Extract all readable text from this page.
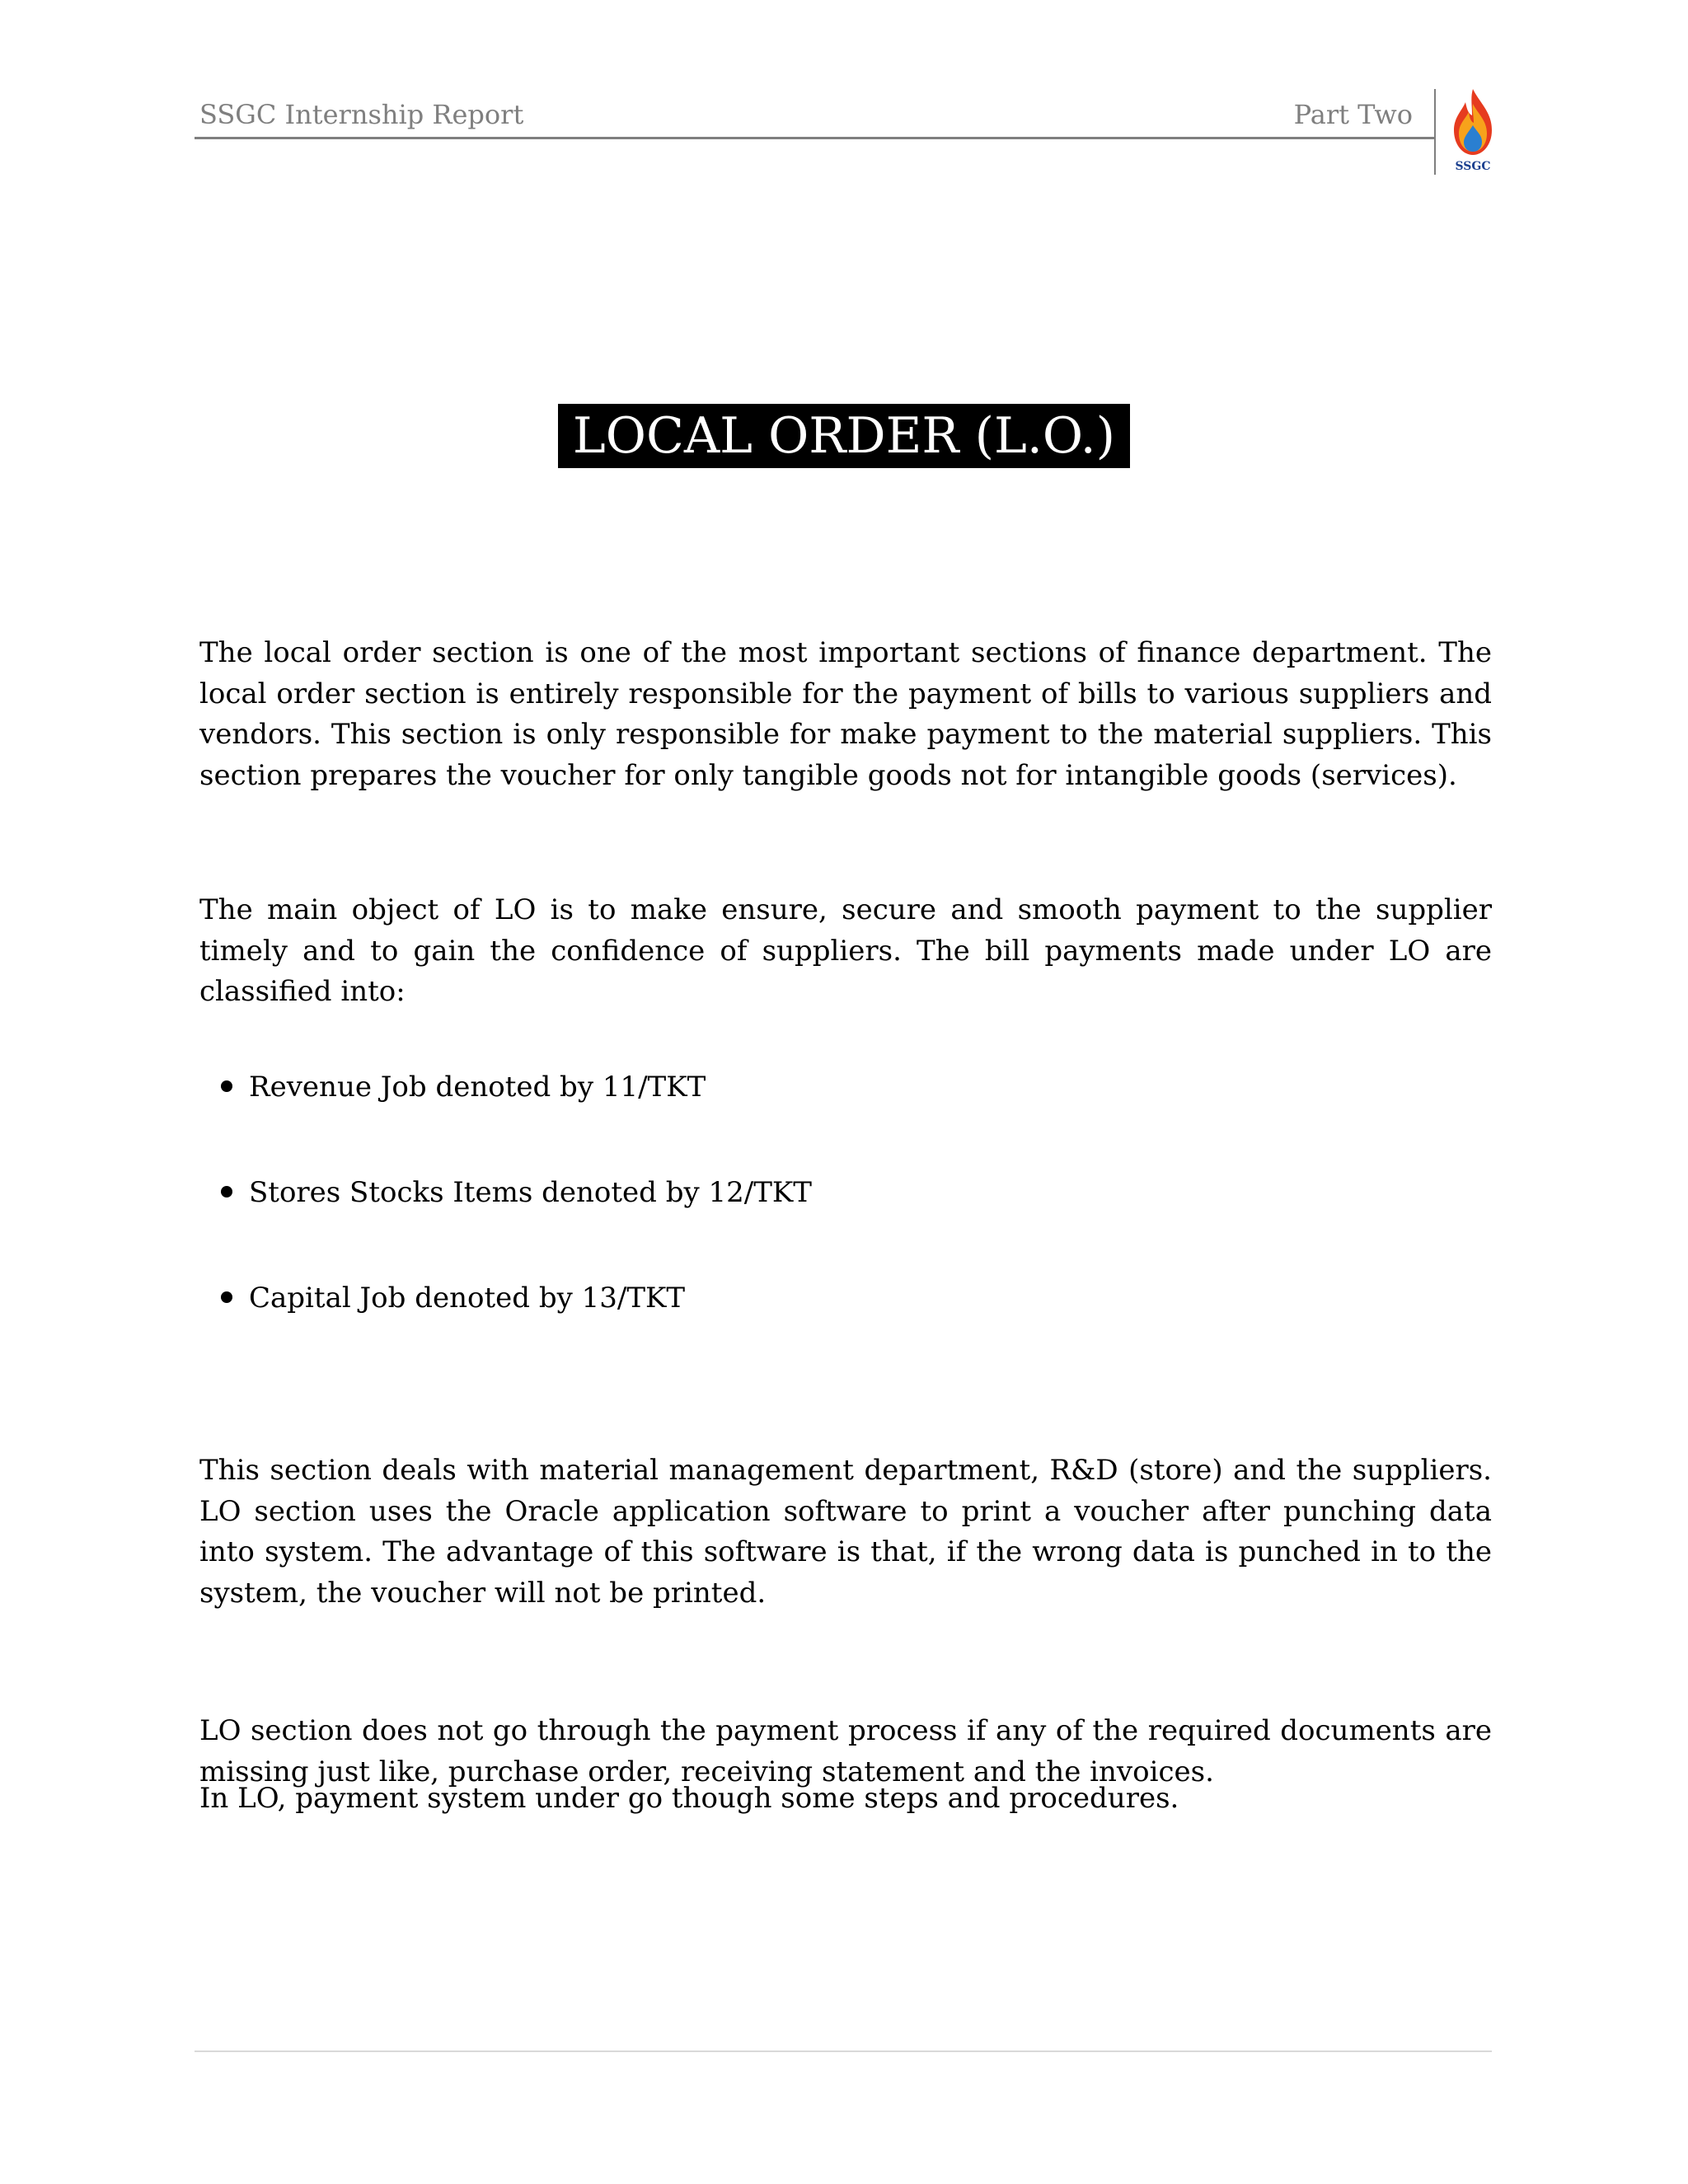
SSGC Internship Report	Part Two
SSGC
LOCAL ORDER (L.O.)
The local order section is one of the most important sections of finance department. The local order section is entirely responsible for the payment of bills to various suppliers and vendors. This section is only responsible for make payment to the material suppliers. This section prepares the voucher for only tangible goods not for intangible goods (services).
The main object of LO is to make ensure, secure and smooth payment to the supplier timely and to gain the confidence of suppliers. The bill payments made under LO are classified into:
Revenue Job denoted by 11/TKT
Stores Stocks Items denoted by 12/TKT
Capital Job denoted by 13/TKT
This section deals with material management department, R&D (store) and the suppliers. LO section uses the Oracle application software to print a voucher after punching data into system. The advantage of this software is that, if the wrong data is punched in to the system, the voucher will not be printed.
LO section does not go through the payment process if any of the required documents are missing just like, purchase order, receiving statement and the invoices.
In LO, payment system under go though some steps and procedures.
